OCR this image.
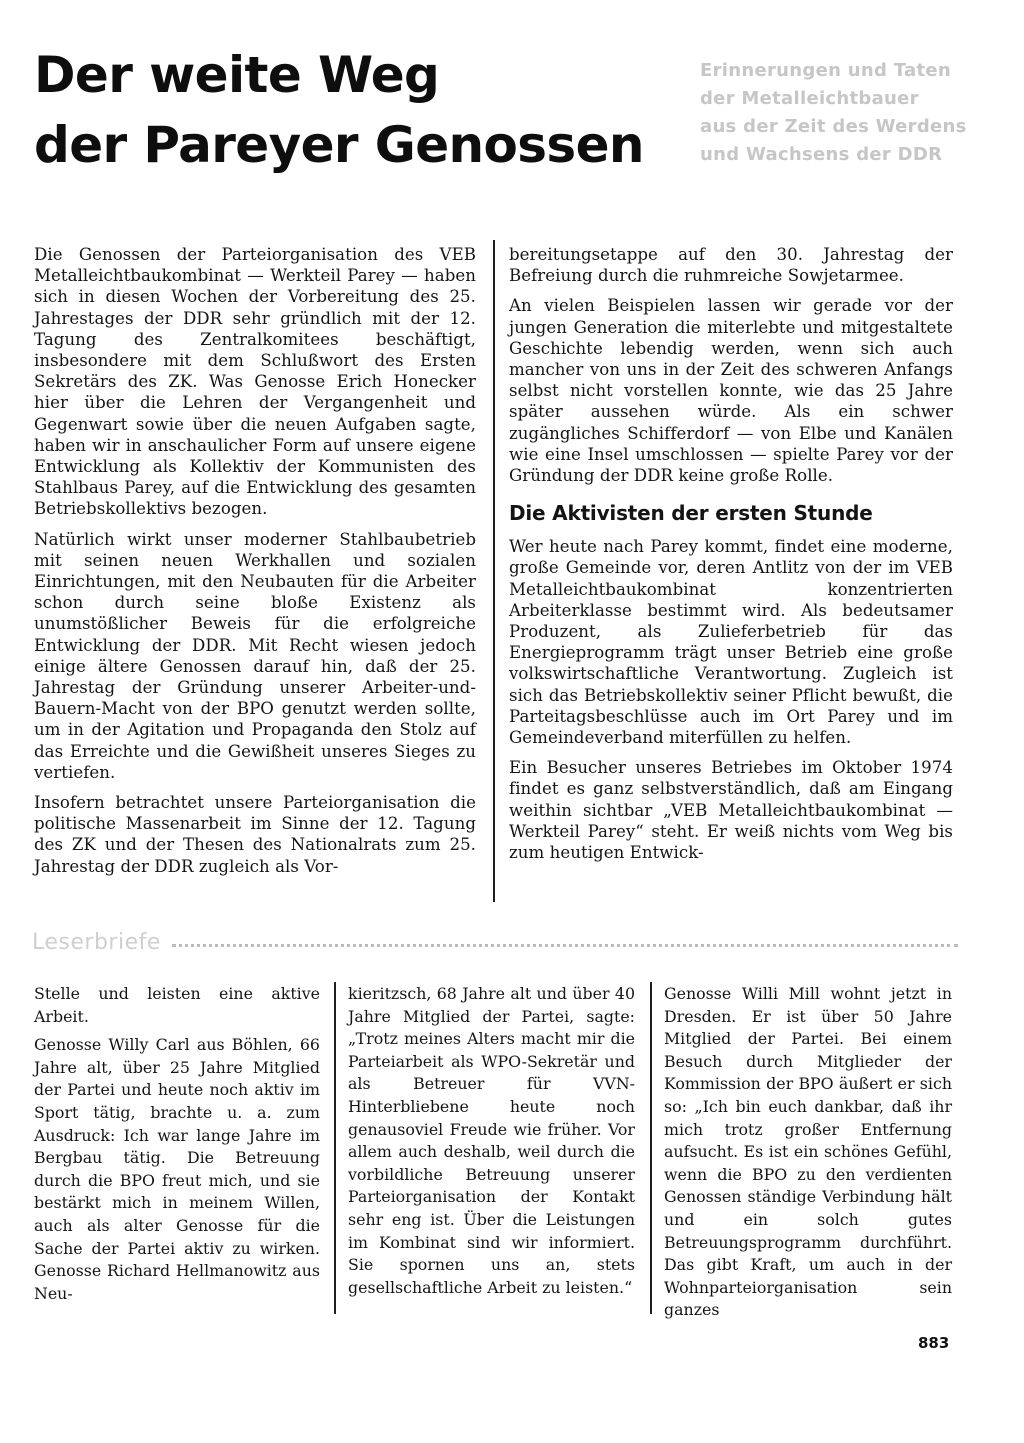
Der weite Weg
der Pareyer Genossen
Erinnerungen und Taten
der Metalleichtbauer
aus der Zeit des Werdens
und Wachsens der DDR

Die Genossen der Parteiorganisation des VEB Metalleichtbaukombinat — Werkteil Parey — haben sich in diesen Wochen der Vorbereitung des 25. Jahrestages der DDR sehr gründlich mit der 12. Tagung des Zentralkomitees beschäftigt, insbesondere mit dem Schlußwort des Ersten Sekretärs des ZK. Was Genosse Erich Honecker hier über die Lehren der Vergangenheit und Gegenwart sowie über die neuen Aufgaben sagte, haben wir in anschaulicher Form auf unsere eigene Entwicklung als Kollektiv der Kommunisten des Stahlbaus Parey, auf die Entwicklung des gesamten Betriebskollektivs bezogen.

Natürlich wirkt unser moderner Stahlbaubetrieb mit seinen neuen Werkhallen und sozialen Einrichtungen, mit den Neubauten für die Arbeiter schon durch seine bloße Existenz als unumstößlicher Beweis für die erfolgreiche Entwicklung der DDR. Mit Recht wiesen jedoch einige ältere Genossen darauf hin, daß der 25. Jahrestag der Gründung unserer Arbeiter-und-Bauern-Macht von der BPO genutzt werden sollte, um in der Agitation und Propaganda den Stolz auf das Erreichte und die Gewißheit unseres Sieges zu vertiefen.

Insofern betrachtet unsere Parteiorganisation die politische Massenarbeit im Sinne der 12. Tagung des ZK und der Thesen des Nationalrats zum 25. Jahrestag der DDR zugleich als Vor-

bereitungsetappe auf den 30. Jahrestag der Befreiung durch die ruhmreiche Sowjetarmee.

An vielen Beispielen lassen wir gerade vor der jungen Generation die miterlebte und mitgestaltete Geschichte lebendig werden, wenn sich auch mancher von uns in der Zeit des schweren Anfangs selbst nicht vorstellen konnte, wie das 25 Jahre später aussehen würde. Als ein schwer zugängliches Schifferdorf — von Elbe und Kanälen wie eine Insel umschlossen — spielte Parey vor der Gründung der DDR keine große Rolle.

Die Aktivisten der ersten Stunde

Wer heute nach Parey kommt, findet eine moderne, große Gemeinde vor, deren Antlitz von der im VEB Metalleichtbaukombinat konzentrierten Arbeiterklasse bestimmt wird. Als bedeutsamer Produzent, als Zulieferbetrieb für das Energieprogramm trägt unser Betrieb eine große volkswirtschaftliche Verantwortung. Zugleich ist sich das Betriebskollektiv seiner Pflicht bewußt, die Parteitagsbeschlüsse auch im Ort Parey und im Gemeindeverband miterfüllen zu helfen.

Ein Besucher unseres Betriebes im Oktober 1974 findet es ganz selbstverständlich, daß am Eingang weithin sichtbar „VEB Metalleichtbaukombinat — Werkteil Parey“ steht. Er weiß nichts vom Weg bis zum heutigen Entwick-

Leserbriefe

Stelle und leisten eine aktive Arbeit.

Genosse Willy Carl aus Böhlen, 66 Jahre alt, über 25 Jahre Mitglied der Partei und heute noch aktiv im Sport tätig, brachte u. a. zum Ausdruck: Ich war lange Jahre im Bergbau tätig. Die Betreuung durch die BPO freut mich, und sie bestärkt mich in meinem Willen, auch als alter Genosse für die Sache der Partei aktiv zu wirken. Genosse Richard Hellmanowitz aus Neu-

kieritzsch, 68 Jahre alt und über 40 Jahre Mitglied der Partei, sagte: „Trotz meines Alters macht mir die Parteiarbeit als WPO-Sekretär und als Betreuer für VVN-Hinterbliebene heute noch genausoviel Freude wie früher. Vor allem auch deshalb, weil durch die vorbildliche Betreuung unserer Parteiorganisation der Kontakt sehr eng ist. Über die Leistungen im Kombinat sind wir informiert. Sie spornen uns an, stets gesellschaftliche Arbeit zu leisten.“

Genosse Willi Mill wohnt jetzt in Dresden. Er ist über 50 Jahre Mitglied der Partei. Bei einem Besuch durch Mitglieder der Kommission der BPO äußert er sich so: „Ich bin euch dankbar, daß ihr mich trotz großer Entfernung aufsucht. Es ist ein schönes Gefühl, wenn die BPO zu den verdienten Genossen ständige Verbindung hält und ein solch gutes Betreuungsprogramm durchführt. Das gibt Kraft, um auch in der Wohnparteiorganisation sein ganzes

883
